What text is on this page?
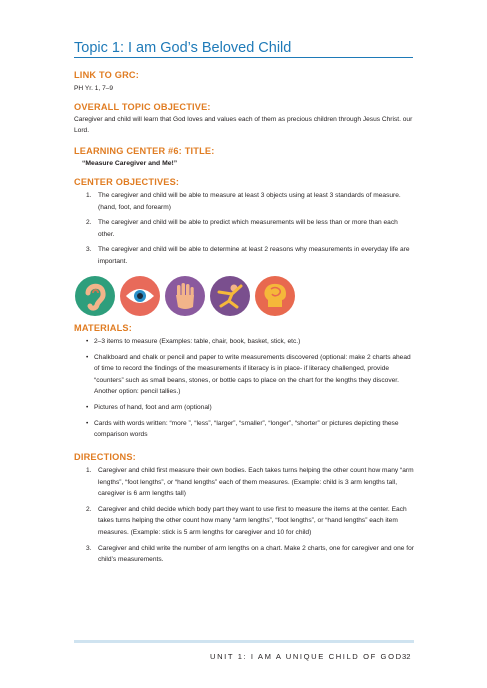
Topic 1: I am God’s Beloved Child
LINK TO GRC:
PH Yr. 1, 7–9
OVERALL TOPIC OBJECTIVE:
Caregiver and child will learn that God loves and values each of them as precious children through Jesus Christ. our Lord.
LEARNING CENTER #6: TITLE:
“Measure Caregiver and Me!”
CENTER OBJECTIVES:
1. The caregiver and child will be able to measure at least 3 objects using at least 3 standards of measure. (hand, foot, and forearm)
2. The caregiver and child will be able to predict which measurements will be less than or more than each other.
3. The caregiver and child will be able to determine at least 2 reasons why measurements in everyday life are important.
MATERIALS:
• 2–3 items to measure (Examples: table, chair, book, basket, stick, etc.)
• Chalkboard and chalk or pencil and paper to write measurements discovered (optional: make 2 charts ahead of time to record the findings of the measurements if literacy is in place- if literacy challenged, provide “counters” such as small beans, stones, or bottle caps to place on the chart for the lengths they discover. Another option: pencil tallies.)
• Pictures of hand, foot and arm (optional)
• Cards with words written: “more ”, “less”, “larger”, “smaller”, “longer”, “shorter” or pictures depicting these comparison words
DIRECTIONS:
1. Caregiver and child first measure their own bodies. Each takes turns helping the other count how many “arm lengths”, “foot lengths”, or “hand lengths” each of them measures. (Example: child is 3 arm lengths tall, caregiver is 6 arm lengths tall)
2. Caregiver and child decide which body part they want to use first to measure the items at the center. Each takes turns helping the other count how many “arm lengths”, “foot lengths”, or “hand lengths” each item measures. (Example: stick is 5 arm lengths for caregiver and 10 for child)
3. Caregiver and child write the number of arm lengths on a chart. Make 2 charts, one for caregiver and one for child’s measurements.
UNIT 1: I AM A UNIQUE CHILD OF GOD 32
